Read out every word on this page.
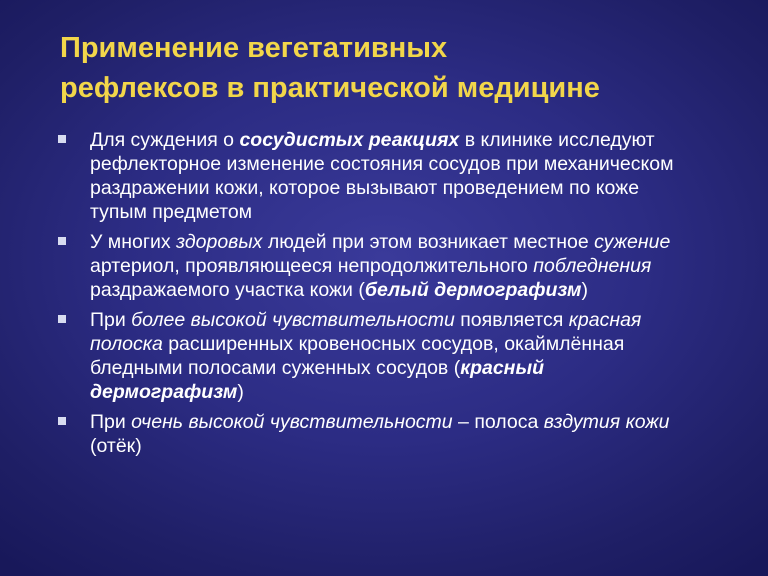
Применение вегетативных
рефлексов в практической медицине
Для суждения о сосудистых реакциях в клинике исследуют рефлекторное изменение состояния сосудов при механическом раздражении кожи, которое вызывают проведением по коже тупым предметом
У многих здоровых людей при этом возникает местное сужение артериол, проявляющееся непродолжительного побледнения раздражаемого участка кожи (белый дермографизм)
При более высокой чувствительности появляется красная полоска расширенных кровеносных сосудов, окаймлённая бледными полосами суженных сосудов (красный дермографизм)
При очень высокой чувствительности – полоса вздутия кожи (отёк)
